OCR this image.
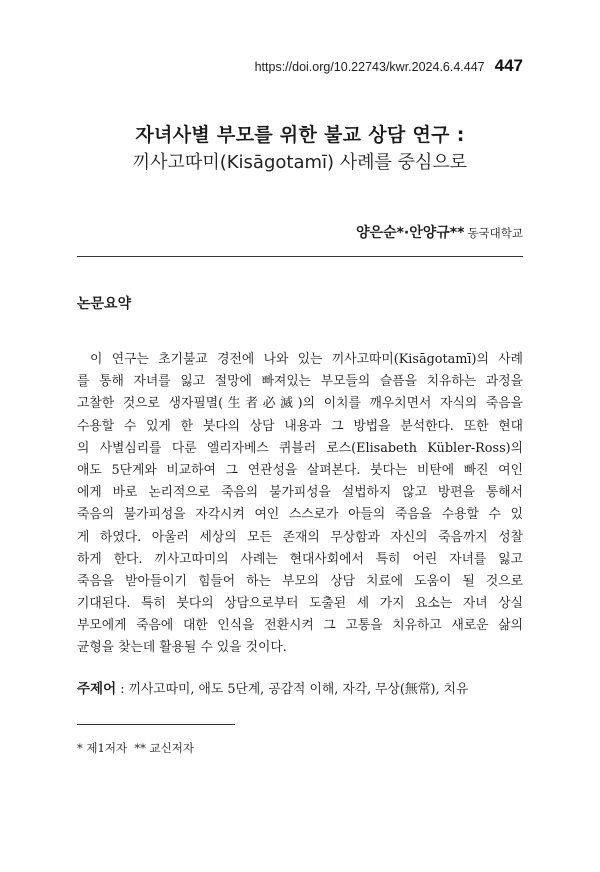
https://doi.org/10.22743/kwr.2024.6.4.447 447
자녀사별 부모를 위한 불교 상담 연구 :
끼사고따미(Kisāgotamī) 사례를 중심으로
양은순*·안양규** 동국대학교
논문요약

이 연구는 초기불교 경전에 나와 있는 끼사고따미(Kisāgotamī)의 사례
를 통해 자녀를 잃고 절망에 빠져있는 부모들의 슬픔을 치유하는 과정을
고찰한 것으로 생자필멸(生者必滅)의 이치를 깨우치면서 자식의 죽음을
수용할 수 있게 한 붓다의 상담 내용과 그 방법을 분석한다. 또한 현대
의 사별심리를 다룬 엘리자베스 퀴블러 로스(Elisabeth Kübler-Ross)의
애도 5단계와 비교하여 그 연관성을 살펴본다. 붓다는 비탄에 빠진 여인
에게 바로 논리적으로 죽음의 불가피성을 설법하지 않고 방편을 통해서
죽음의 불가피성을 자각시켜 여인 스스로가 아들의 죽음을 수용할 수 있
게 하였다. 아울러 세상의 모든 존재의 무상함과 자신의 죽음까지 성찰
하게 한다. 끼사고따미의 사례는 현대사회에서 특히 어린 자녀를 잃고
죽음을 받아들이기 힘들어 하는 부모의 상담 치료에 도움이 될 것으로
기대된다. 특히 붓다의 상담으로부터 도출된 세 가지 요소는 자녀 상실
부모에게 죽음에 대한 인식을 전환시켜 그 고통을 치유하고 새로운 삶의
균형을 찾는데 활용될 수 있을 것이다.

주제어 : 끼사고따미, 애도 5단계, 공감적 이해, 자각, 무상(無常), 치유
* 제1저자  ** 교신저자
